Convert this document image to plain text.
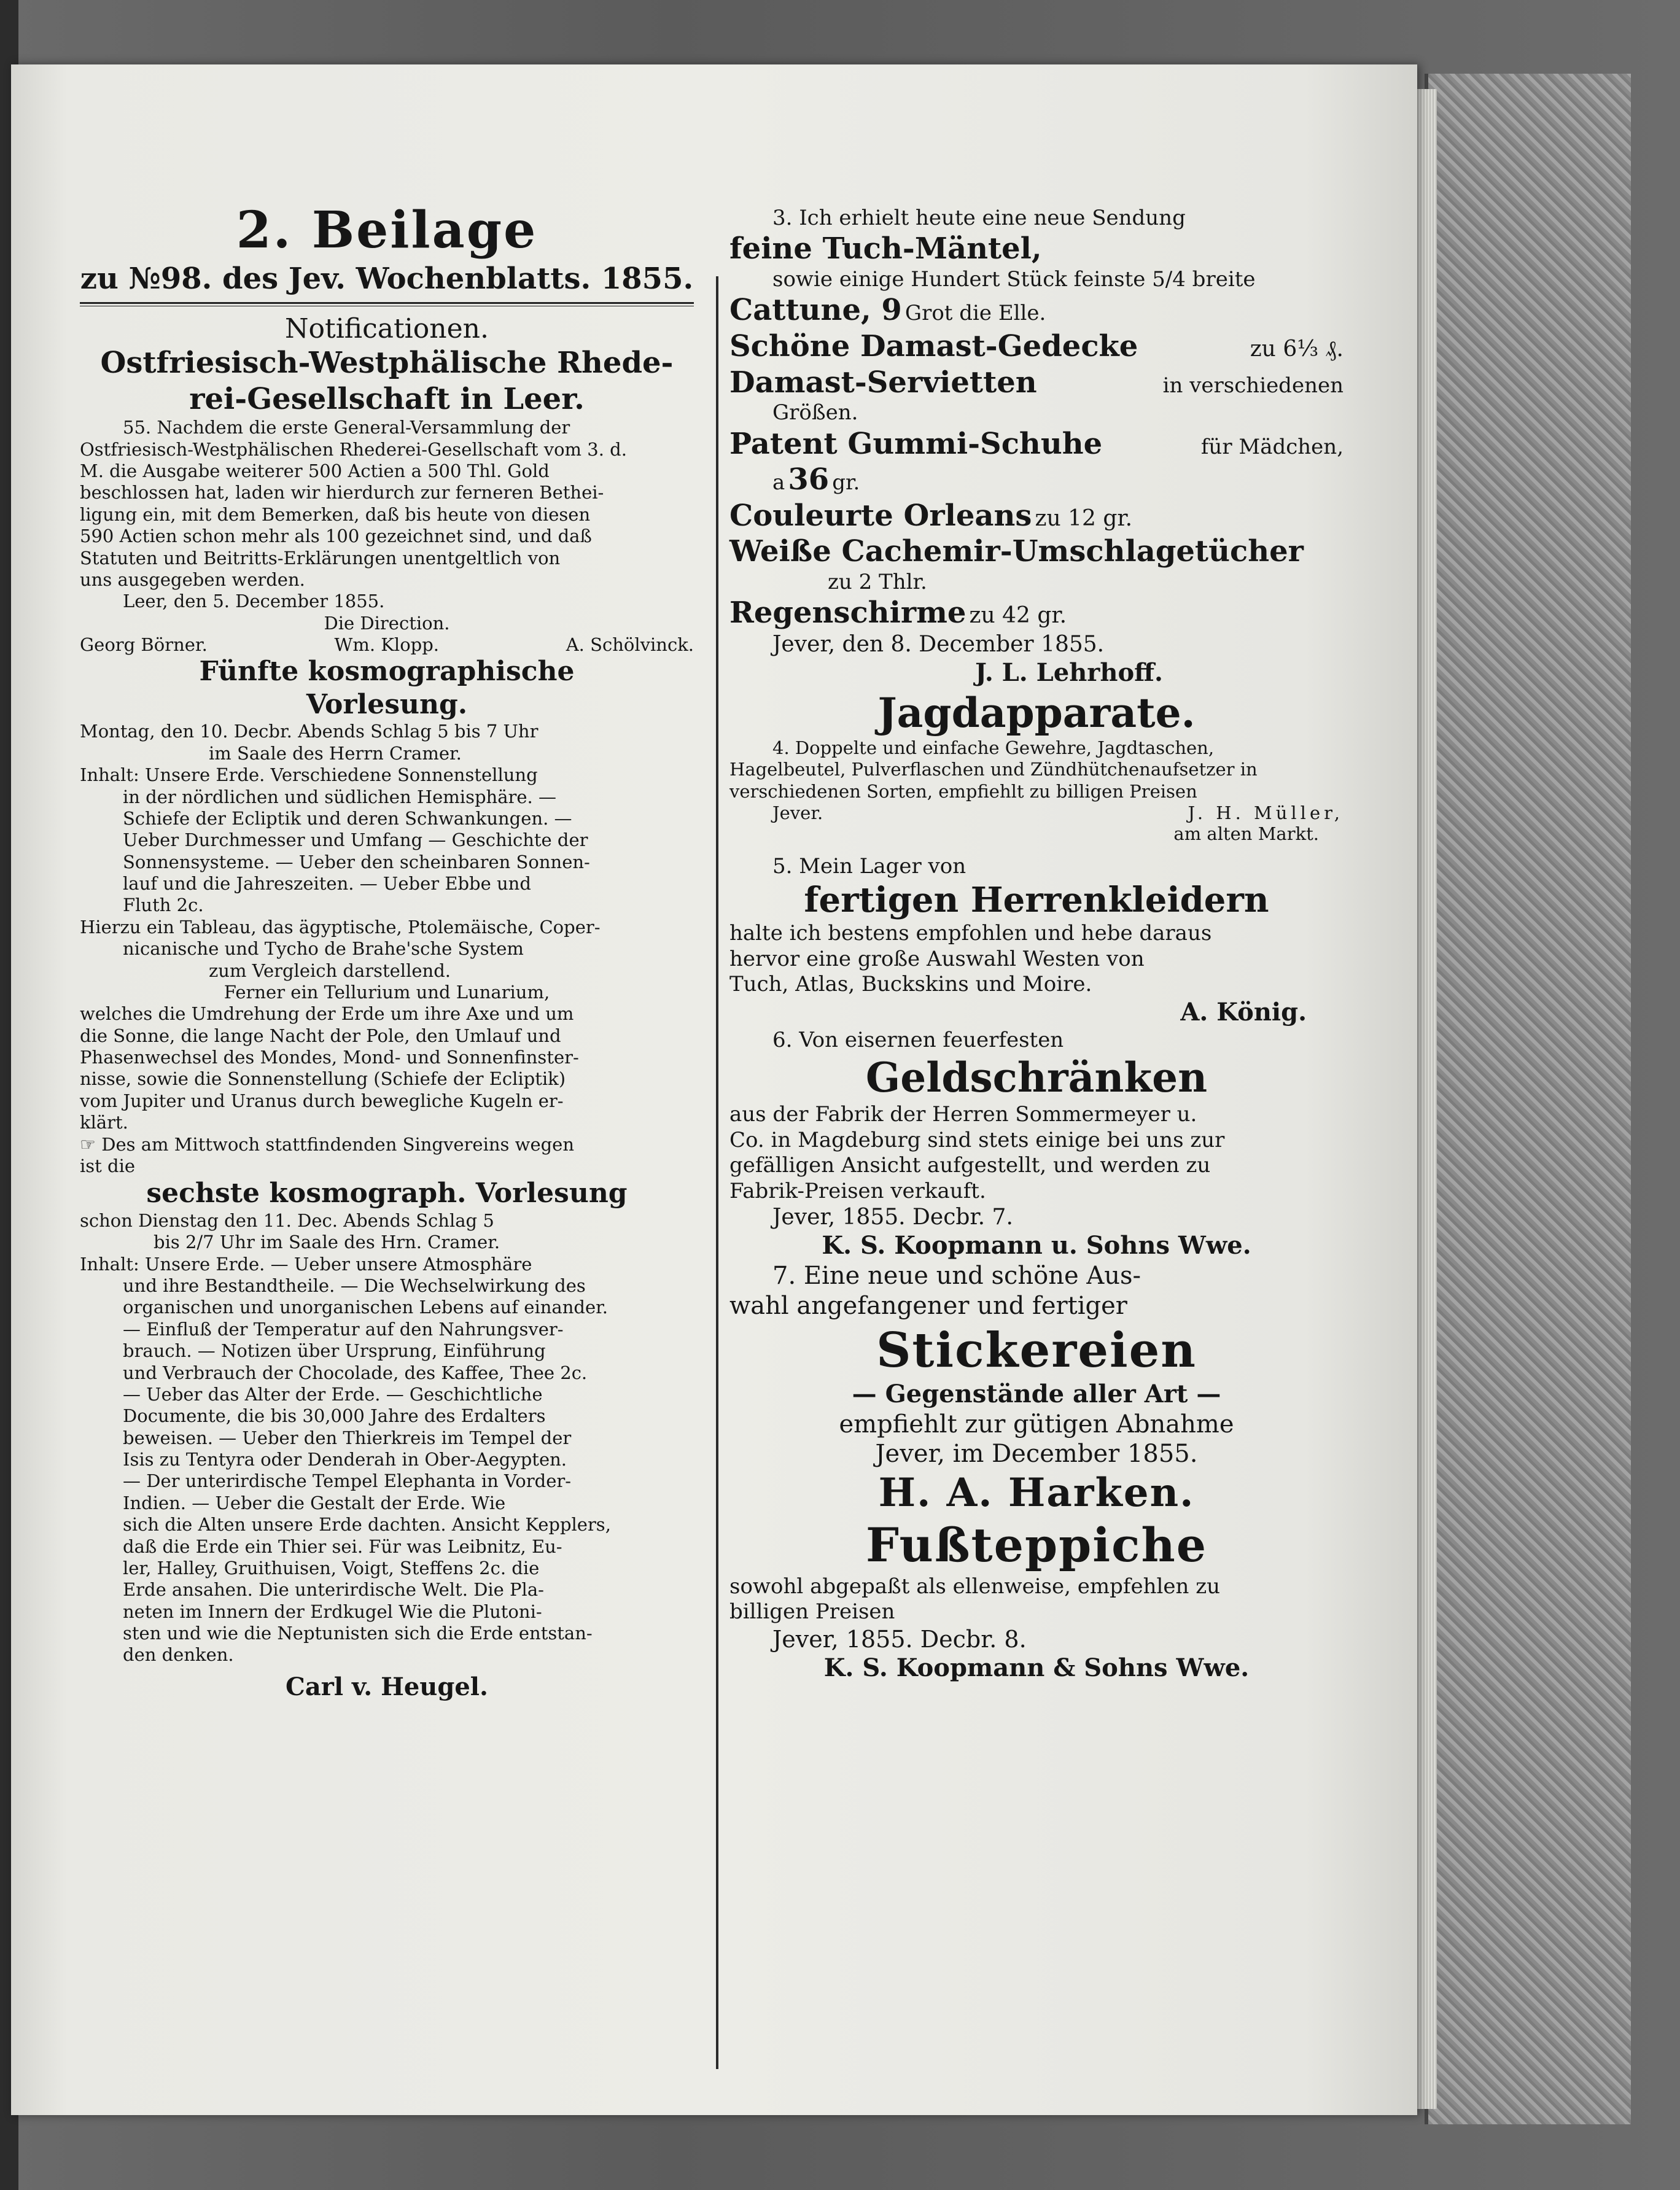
2. Beilage

zu №98. des Jev. Wochenblatts. 1855.

Notificationen.

Ostfriesisch-Westphälische Rhede-

rei-Gesellschaft in Leer.

55. Nachdem die erste General-Versammlung der

Ostfriesisch-Westphälischen Rhederei-Gesellschaft vom 3. d.

M. die Ausgabe weiterer 500 Actien a 500 Thl. Gold

beschlossen hat, laden wir hierdurch zur ferneren Bethei-

ligung ein, mit dem Bemerken, daß bis heute von diesen

590 Actien schon mehr als 100 gezeichnet sind, und daß

Statuten und Beitritts-Erklärungen unentgeltlich von

uns ausgegeben werden.

Leer, den 5. December 1855.

Die Direction.

Georg Börner.	Wm. Klopp.	A. Schölvinck.

Fünfte kosmographische

Vorlesung.

Montag, den 10. Decbr. Abends Schlag 5 bis 7 Uhr

im Saale des Herrn Cramer.

Inhalt: Unsere Erde. Verschiedene Sonnenstellung

in der nördlichen und südlichen Hemisphäre. —

Schiefe der Ecliptik und deren Schwankungen. —

Ueber Durchmesser und Umfang — Geschichte der

Sonnensysteme. — Ueber den scheinbaren Sonnen-

lauf und die Jahreszeiten. — Ueber Ebbe und

Fluth 2c.

Hierzu ein Tableau, das ägyptische, Ptolemäische, Coper-

nicanische und Tycho de Brahe'sche System

zum Vergleich darstellend.

Ferner ein Tellurium und Lunarium,

welches die Umdrehung der Erde um ihre Axe und um

die Sonne, die lange Nacht der Pole, den Umlauf und

Phasenwechsel des Mondes, Mond- und Sonnenfinster-

nisse, sowie die Sonnenstellung (Schiefe der Ecliptik)

vom Jupiter und Uranus durch bewegliche Kugeln er-

klärt.

☞ Des am Mittwoch stattfindenden Singvereins wegen

ist die

sechste kosmograph. Vorlesung

schon Dienstag den 11. Dec. Abends Schlag 5

bis 2/7 Uhr im Saale des Hrn. Cramer.

Inhalt: Unsere Erde. — Ueber unsere Atmosphäre

und ihre Bestandtheile. — Die Wechselwirkung des

organischen und unorganischen Lebens auf einander.

— Einfluß der Temperatur auf den Nahrungsver-

brauch. — Notizen über Ursprung, Einführung

und Verbrauch der Chocolade, des Kaffee, Thee 2c.

— Ueber das Alter der Erde. — Geschichtliche

Documente, die bis 30,000 Jahre des Erdalters

beweisen. — Ueber den Thierkreis im Tempel der

Isis zu Tentyra oder Denderah in Ober-Aegypten.

— Der unterirdische Tempel Elephanta in Vorder-

Indien. — Ueber die Gestalt der Erde. Wie

sich die Alten unsere Erde dachten. Ansicht Kepplers,

daß die Erde ein Thier sei. Für was Leibnitz, Eu-

ler, Halley, Gruithuisen, Voigt, Steffens 2c. die

Erde ansahen. Die unterirdische Welt. Die Pla-

neten im Innern der Erdkugel Wie die Plutoni-

sten und wie die Neptunisten sich die Erde entstan-

den denken.

Carl v. Heugel.

3. Ich erhielt heute eine neue Sendung

feine Tuch-Mäntel,

sowie einige Hundert Stück feinste 5/4 breite

Cattune, 9 Grot die Elle.

Schöne Damast-Gedecke	zu 6⅓ ₰.

Damast-Servietten	in verschiedenen

Größen.

Patent Gummi-Schuhe	für Mädchen,

a 36 gr.

Couleurte Orleans zu 12 gr.

Weiße Cachemir-Umschlagetücher

zu 2 Thlr.

Regenschirme zu 42 gr.

Jever, den 8. December 1855.

J. L. Lehrhoff.

Jagdapparate.

4. Doppelte und einfache Gewehre, Jagdtaschen,

Hagelbeutel, Pulverflaschen und Zündhütchenaufsetzer in

verschiedenen Sorten, empfiehlt zu billigen Preisen

Jever.	J. H. Müller,

am alten Markt.

5. Mein Lager von

fertigen Herrenkleidern

halte ich bestens empfohlen und hebe daraus

hervor eine große Auswahl Westen von

Tuch, Atlas, Buckskins und Moire.

A. König.

6. Von eisernen feuerfesten

Geldschränken

aus der Fabrik der Herren Sommermeyer u.

Co. in Magdeburg sind stets einige bei uns zur

gefälligen Ansicht aufgestellt, und werden zu

Fabrik-Preisen verkauft.

Jever, 1855. Decbr. 7.

K. S. Koopmann u. Sohns Wwe.

7. Eine neue und schöne Aus-

wahl angefangener und fertiger

Stickereien

— Gegenstände aller Art —

empfiehlt zur gütigen Abnahme

Jever, im December 1855.

H. A. Harken.

Fußteppiche

sowohl abgepaßt als ellenweise, empfehlen zu

billigen Preisen

Jever, 1855. Decbr. 8.

K. S. Koopmann & Sohns Wwe.
